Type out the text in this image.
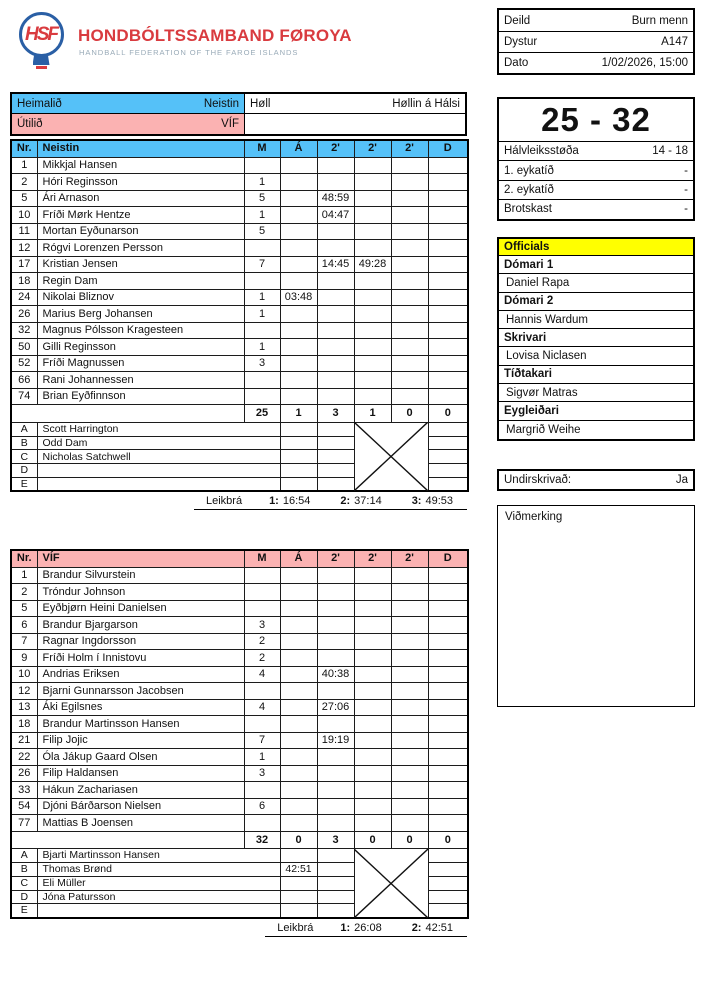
HSF HONDBÓLTSSAMBAND FØROYA
HANDBALL FEDERATION OF THE FAROE ISLANDS
Deild	Burn menn
Dystur	A147
Dato	1/02/2026, 15:00
Heimalið	Neistin Høll	Høllin á Hálsi
Útilið	VÍF	25 - 32
Hálvleiksstøða	14 - 18
1. eykatíð	-
2. eykatíð	-
Brotskast	-
Officials
Dómari 1
Daniel Rapa
Dómari 2
Hannis Wardum
Skrivari
Lovisa Niclasen
Tíðtakari
Sigvør Matras
Eygleiðari
Margrið Weihe
Undirskrivað:	Ja
Viðmerking
Nr.	Neistin	M	Á	2'	2'	2'	D
1	Mikkjal Hansen						
2	Hóri Reginsson	1					
5	Ári Arnason	5		48:59			
10	Fríði Mørk Hentze	1		04:47			
11	Mortan Eyðunarson	5					
12	Rógvi Lorenzen Persson						
17	Kristian Jensen	7		14:45	49:28		
18	Regin Dam						
24	Nikolai Bliznov	1	03:48				
26	Marius Berg Johansen	1					
32	Magnus Pólsson Kragesteen						
50	Gilli Reginsson	1					
52	Fríði Magnussen	3					
66	Rani Johannessen						
74	Brian Eyðfinnson						
		25	1	3	1	0	0
A	Scott Harrington						
B	Odd Dam						
C	Nicholas Satchwell						
D							
E							
Leikbrá 1: 16:54	2: 37:14	3: 49:53
Nr.	VÍF	M	Á	2'	2'	2'	D
1	Brandur Silvurstein						
2	Tróndur Johnson						
5	Eyðbjørn Heini Danielsen						
6	Brandur Bjargarson	3					
7	Ragnar Ingdorsson	2					
9	Fríði Holm í Innistovu	2					
10	Andrias Eriksen	4		40:38			
12	Bjarni Gunnarsson Jacobsen						
13	Áki Egilsnes	4		27:06			
18	Brandur Martinsson Hansen						
21	Filip Jojic	7		19:19			
22	Óla Jákup Gaard Olsen	1					
26	Filip Haldansen	3					
33	Hákun Zachariasen						
54	Djóni Bárðarson Nielsen	6					
77	Mattias B Joensen						
		32	0	3	0	0	0
A	Bjarti Martinsson Hansen						
B	Thomas Brønd		42:51				
C	Eli Müller						
D	Jóna Patursson						
E							
Leikbrá 1: 26:08	2: 42:51
